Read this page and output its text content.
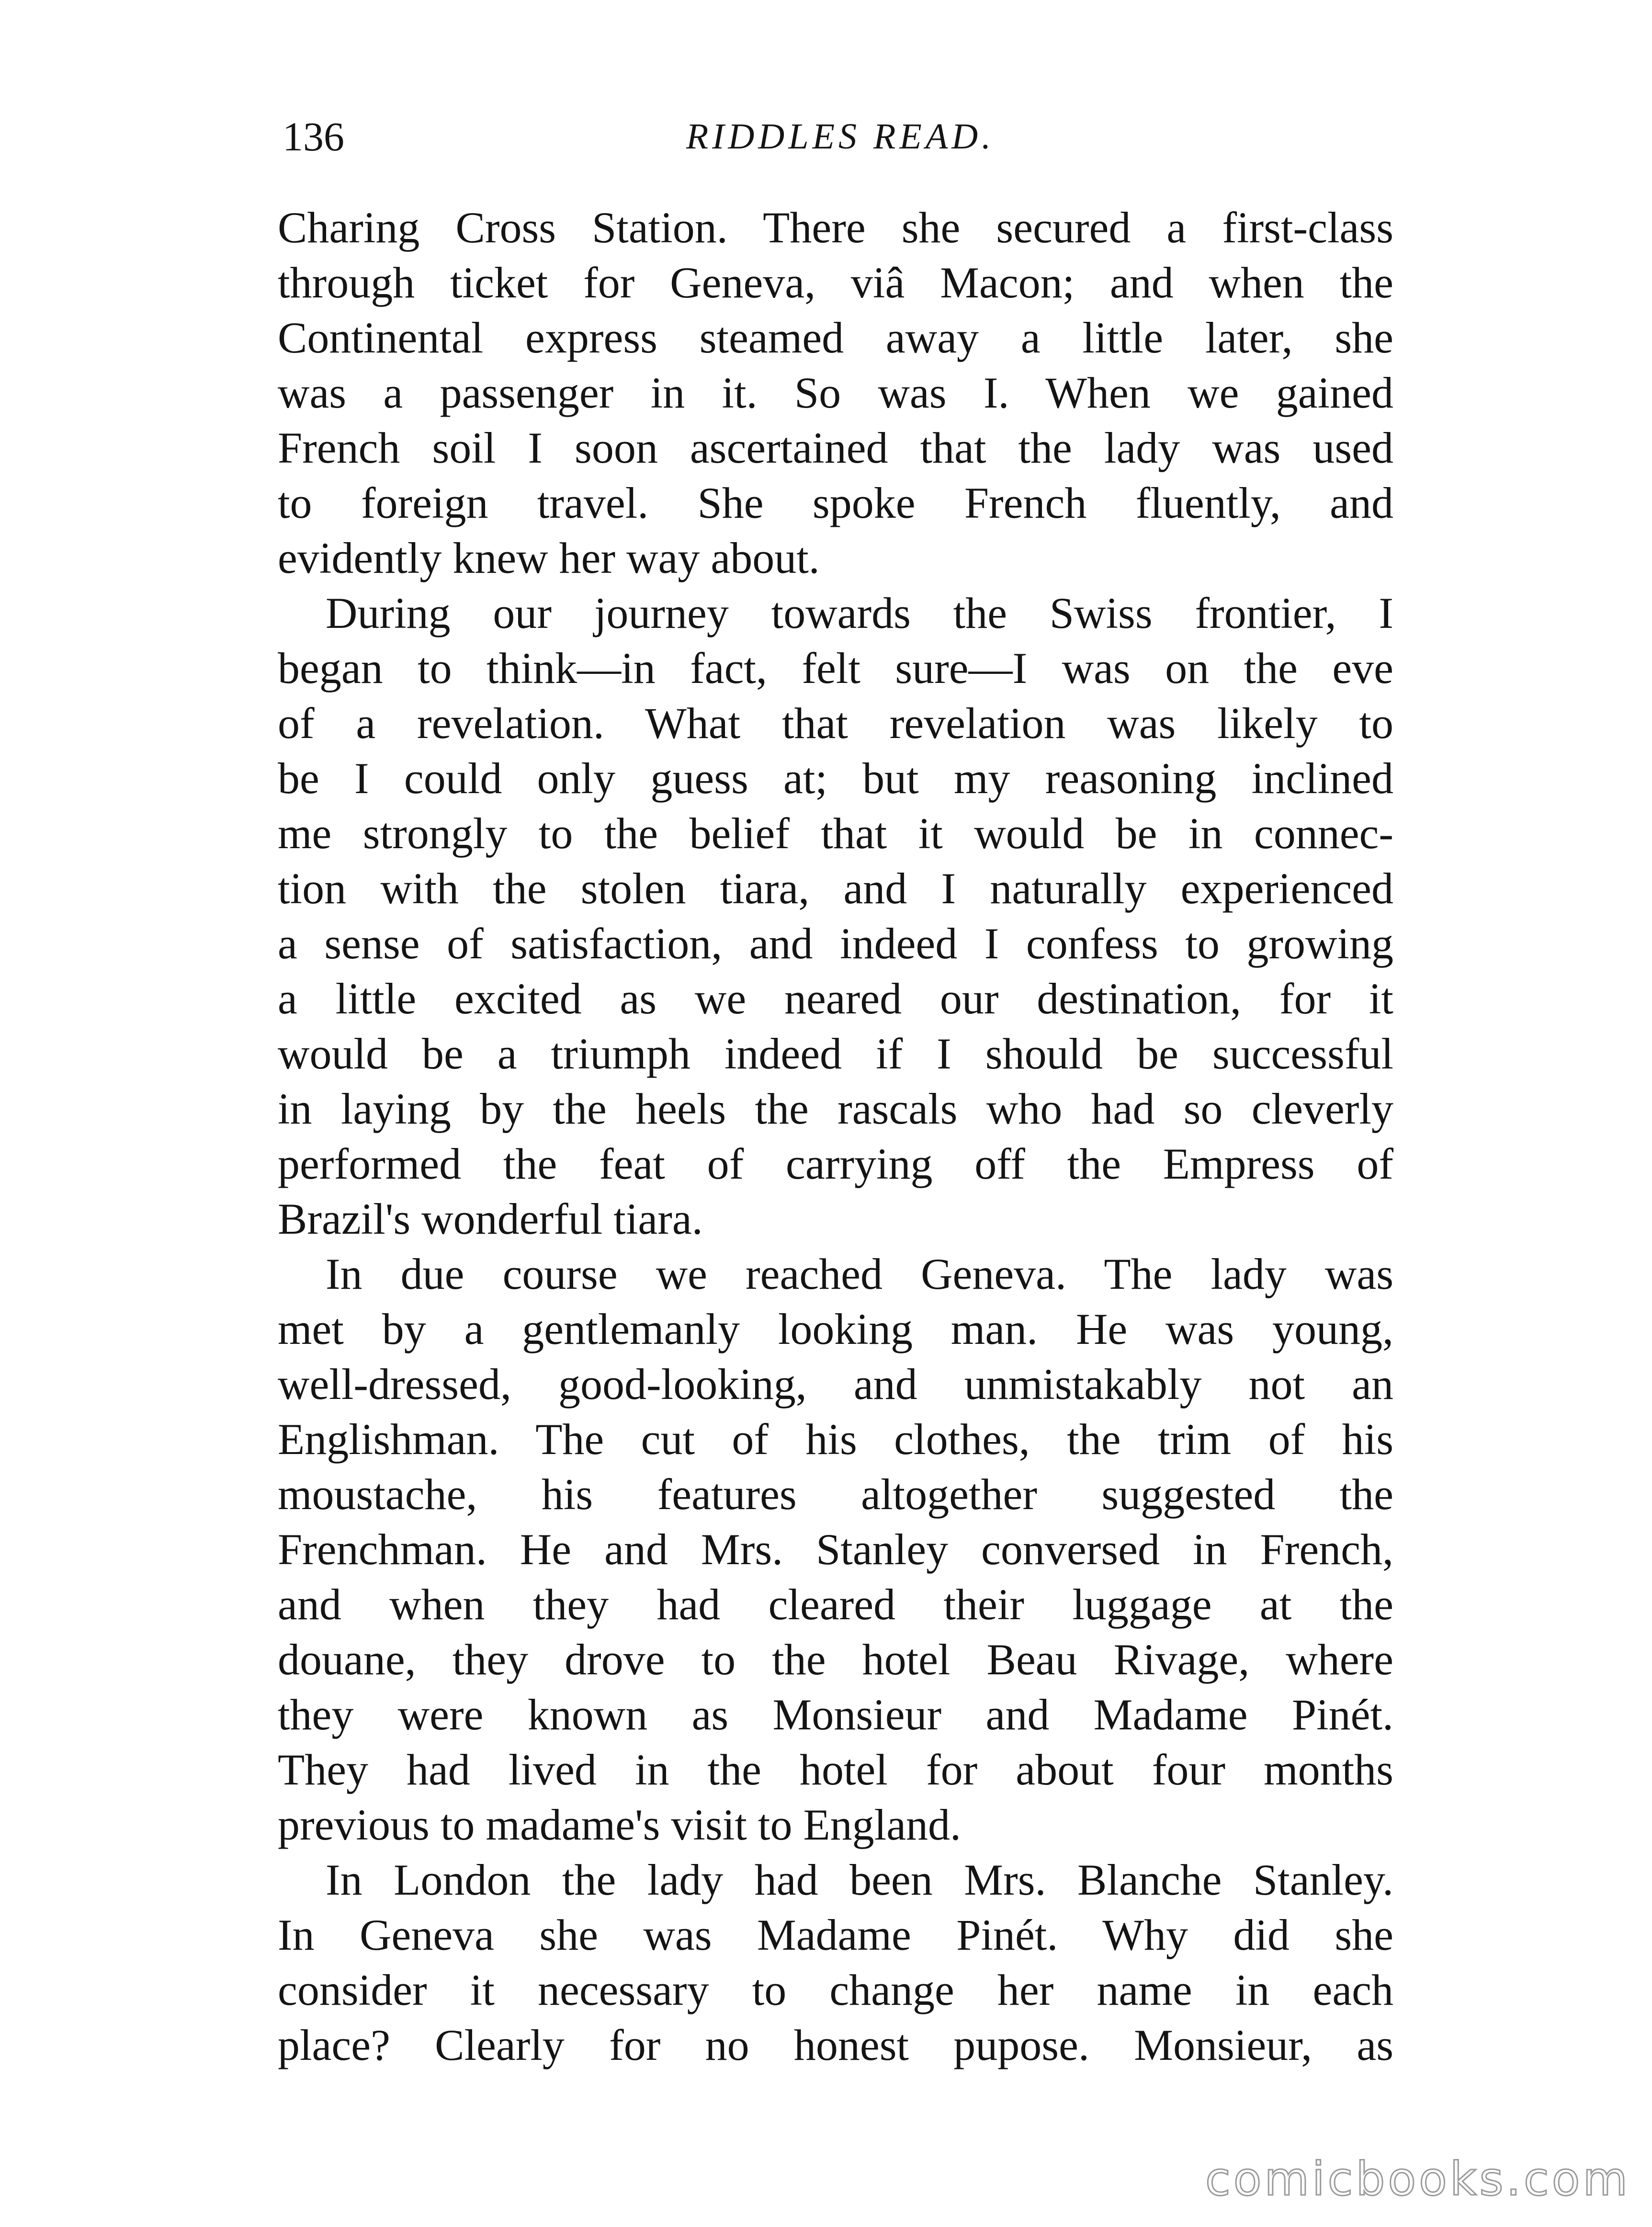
136	RIDDLES READ.
Charing Cross Station. There she secured a first-class
through ticket for Geneva, viâ Macon; and when the
Continental express steamed away a little later, she
was a passenger in it. So was I. When we gained
French soil I soon ascertained that the lady was used
to foreign travel. She spoke French fluently, and
evidently knew her way about.
During our journey towards the Swiss frontier, I
began to think—in fact, felt sure—I was on the eve
of a revelation. What that revelation was likely to
be I could only guess at; but my reasoning inclined
me strongly to the belief that it would be in connec-
tion with the stolen tiara, and I naturally experienced
a sense of satisfaction, and indeed I confess to growing
a little excited as we neared our destination, for it
would be a triumph indeed if I should be successful
in laying by the heels the rascals who had so cleverly
performed the feat of carrying off the Empress of
Brazil's wonderful tiara.
In due course we reached Geneva. The lady was
met by a gentlemanly looking man. He was young,
well-dressed, good-looking, and unmistakably not an
Englishman. The cut of his clothes, the trim of his
moustache, his features altogether suggested the
Frenchman. He and Mrs. Stanley conversed in French,
and when they had cleared their luggage at the
douane, they drove to the hotel Beau Rivage, where
they were known as Monsieur and Madame Pinét.
They had lived in the hotel for about four months
previous to madame's visit to England.
In London the lady had been Mrs. Blanche Stanley.
In Geneva she was Madame Pinét. Why did she
consider it necessary to change her name in each
place? Clearly for no honest pupose. Monsieur, as
comicbooks.com
